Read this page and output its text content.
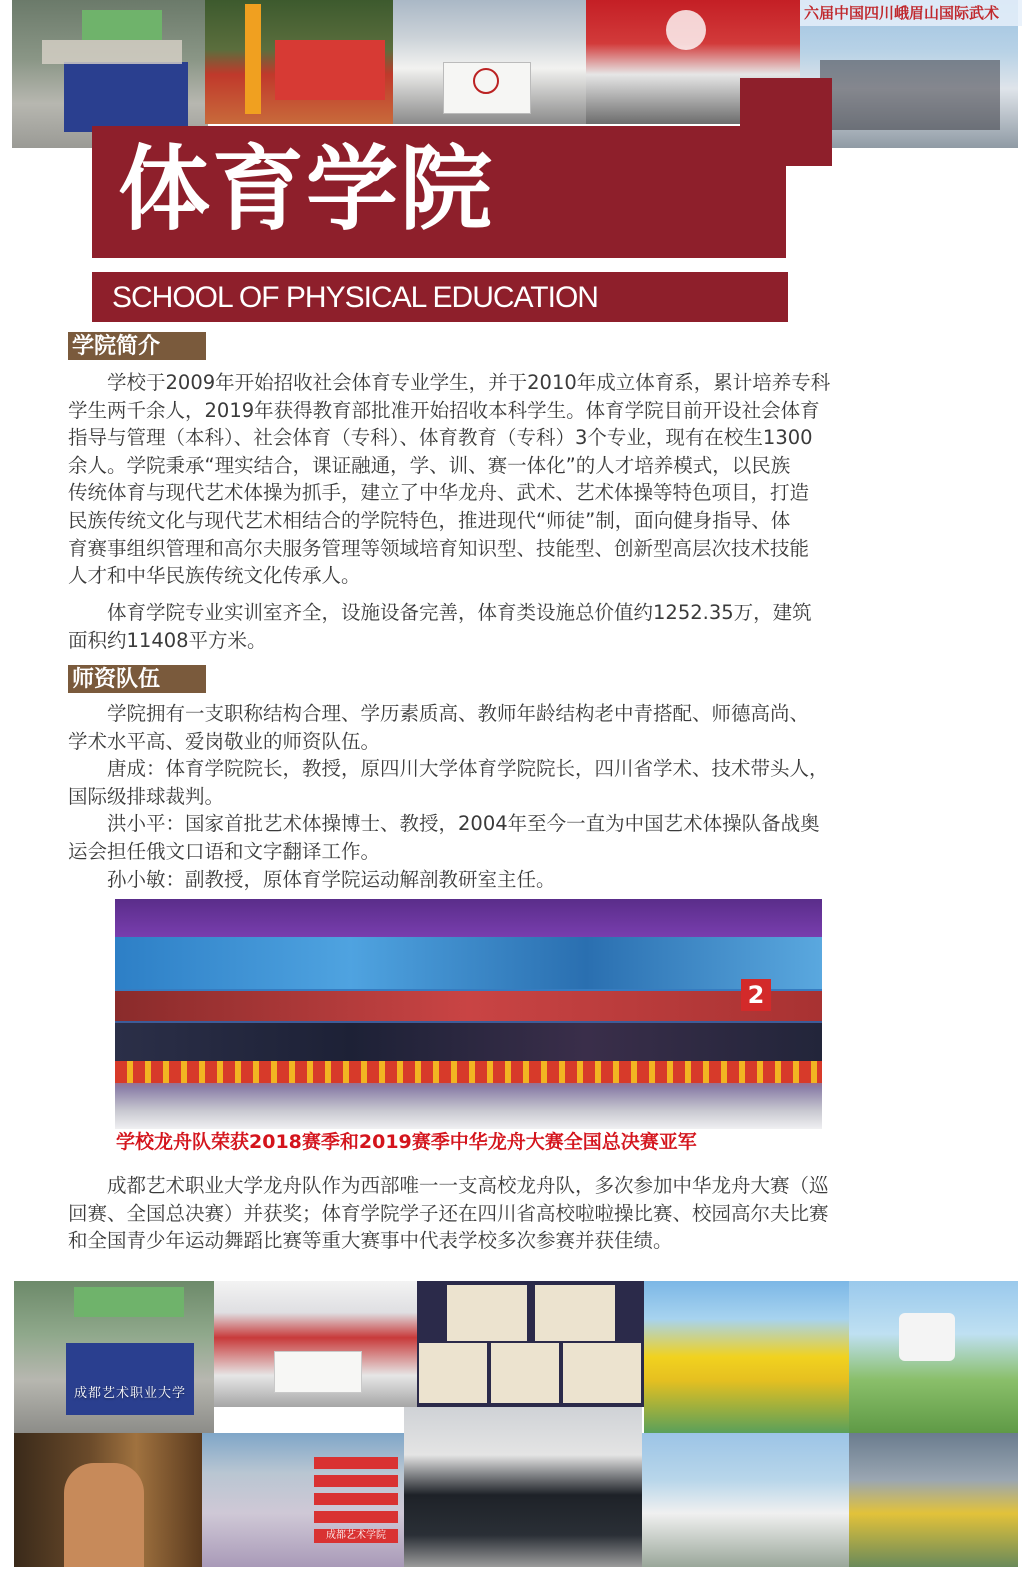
六届中国四川峨眉山国际武术
体育学院
SCHOOL OF PHYSICAL EDUCATION
学院简介
学校于2009年开始招收社会体育专业学生，并于2010年成立体育系，累计培养专科
学生两千余人，2019年获得教育部批准开始招收本科学生。体育学院目前开设社会体育
指导与管理（本科）、社会体育（专科）、体育教育（专科）3个专业，现有在校生1300
余人。学院秉承“理实结合，课证融通，学、训、赛一体化”的人才培养模式，以民族
传统体育与现代艺术体操为抓手，建立了中华龙舟、武术、艺术体操等特色项目，打造
民族传统文化与现代艺术相结合的学院特色，推进现代“师徒”制，面向健身指导、体
育赛事组织管理和高尔夫服务管理等领域培育知识型、技能型、创新型高层次技术技能
人才和中华民族传统文化传承人。
体育学院专业实训室齐全，设施设备完善，体育类设施总价值约1252.35万，建筑
面积约11408平方米。
师资队伍
学院拥有一支职称结构合理、学历素质高、教师年龄结构老中青搭配、师德高尚、
学术水平高、爱岗敬业的师资队伍。
唐成：体育学院院长，教授，原四川大学体育学院院长，四川省学术、技术带头人，
国际级排球裁判。
洪小平：国家首批艺术体操博士、教授，2004年至今一直为中国艺术体操队备战奥
运会担任俄文口语和文字翻译工作。
孙小敏：副教授，原体育学院运动解剖教研室主任。
2
学校龙舟队荣获2018赛季和2019赛季中华龙舟大赛全国总决赛亚军
成都艺术职业大学龙舟队作为西部唯一一支高校龙舟队，多次参加中华龙舟大赛（巡
回赛、全国总决赛）并获奖；体育学院学子还在四川省高校啦啦操比赛、校园高尔夫比赛
和全国青少年运动舞蹈比赛等重大赛事中代表学校多次参赛并获佳绩。
成都艺术职业大学
成都艺术学院
